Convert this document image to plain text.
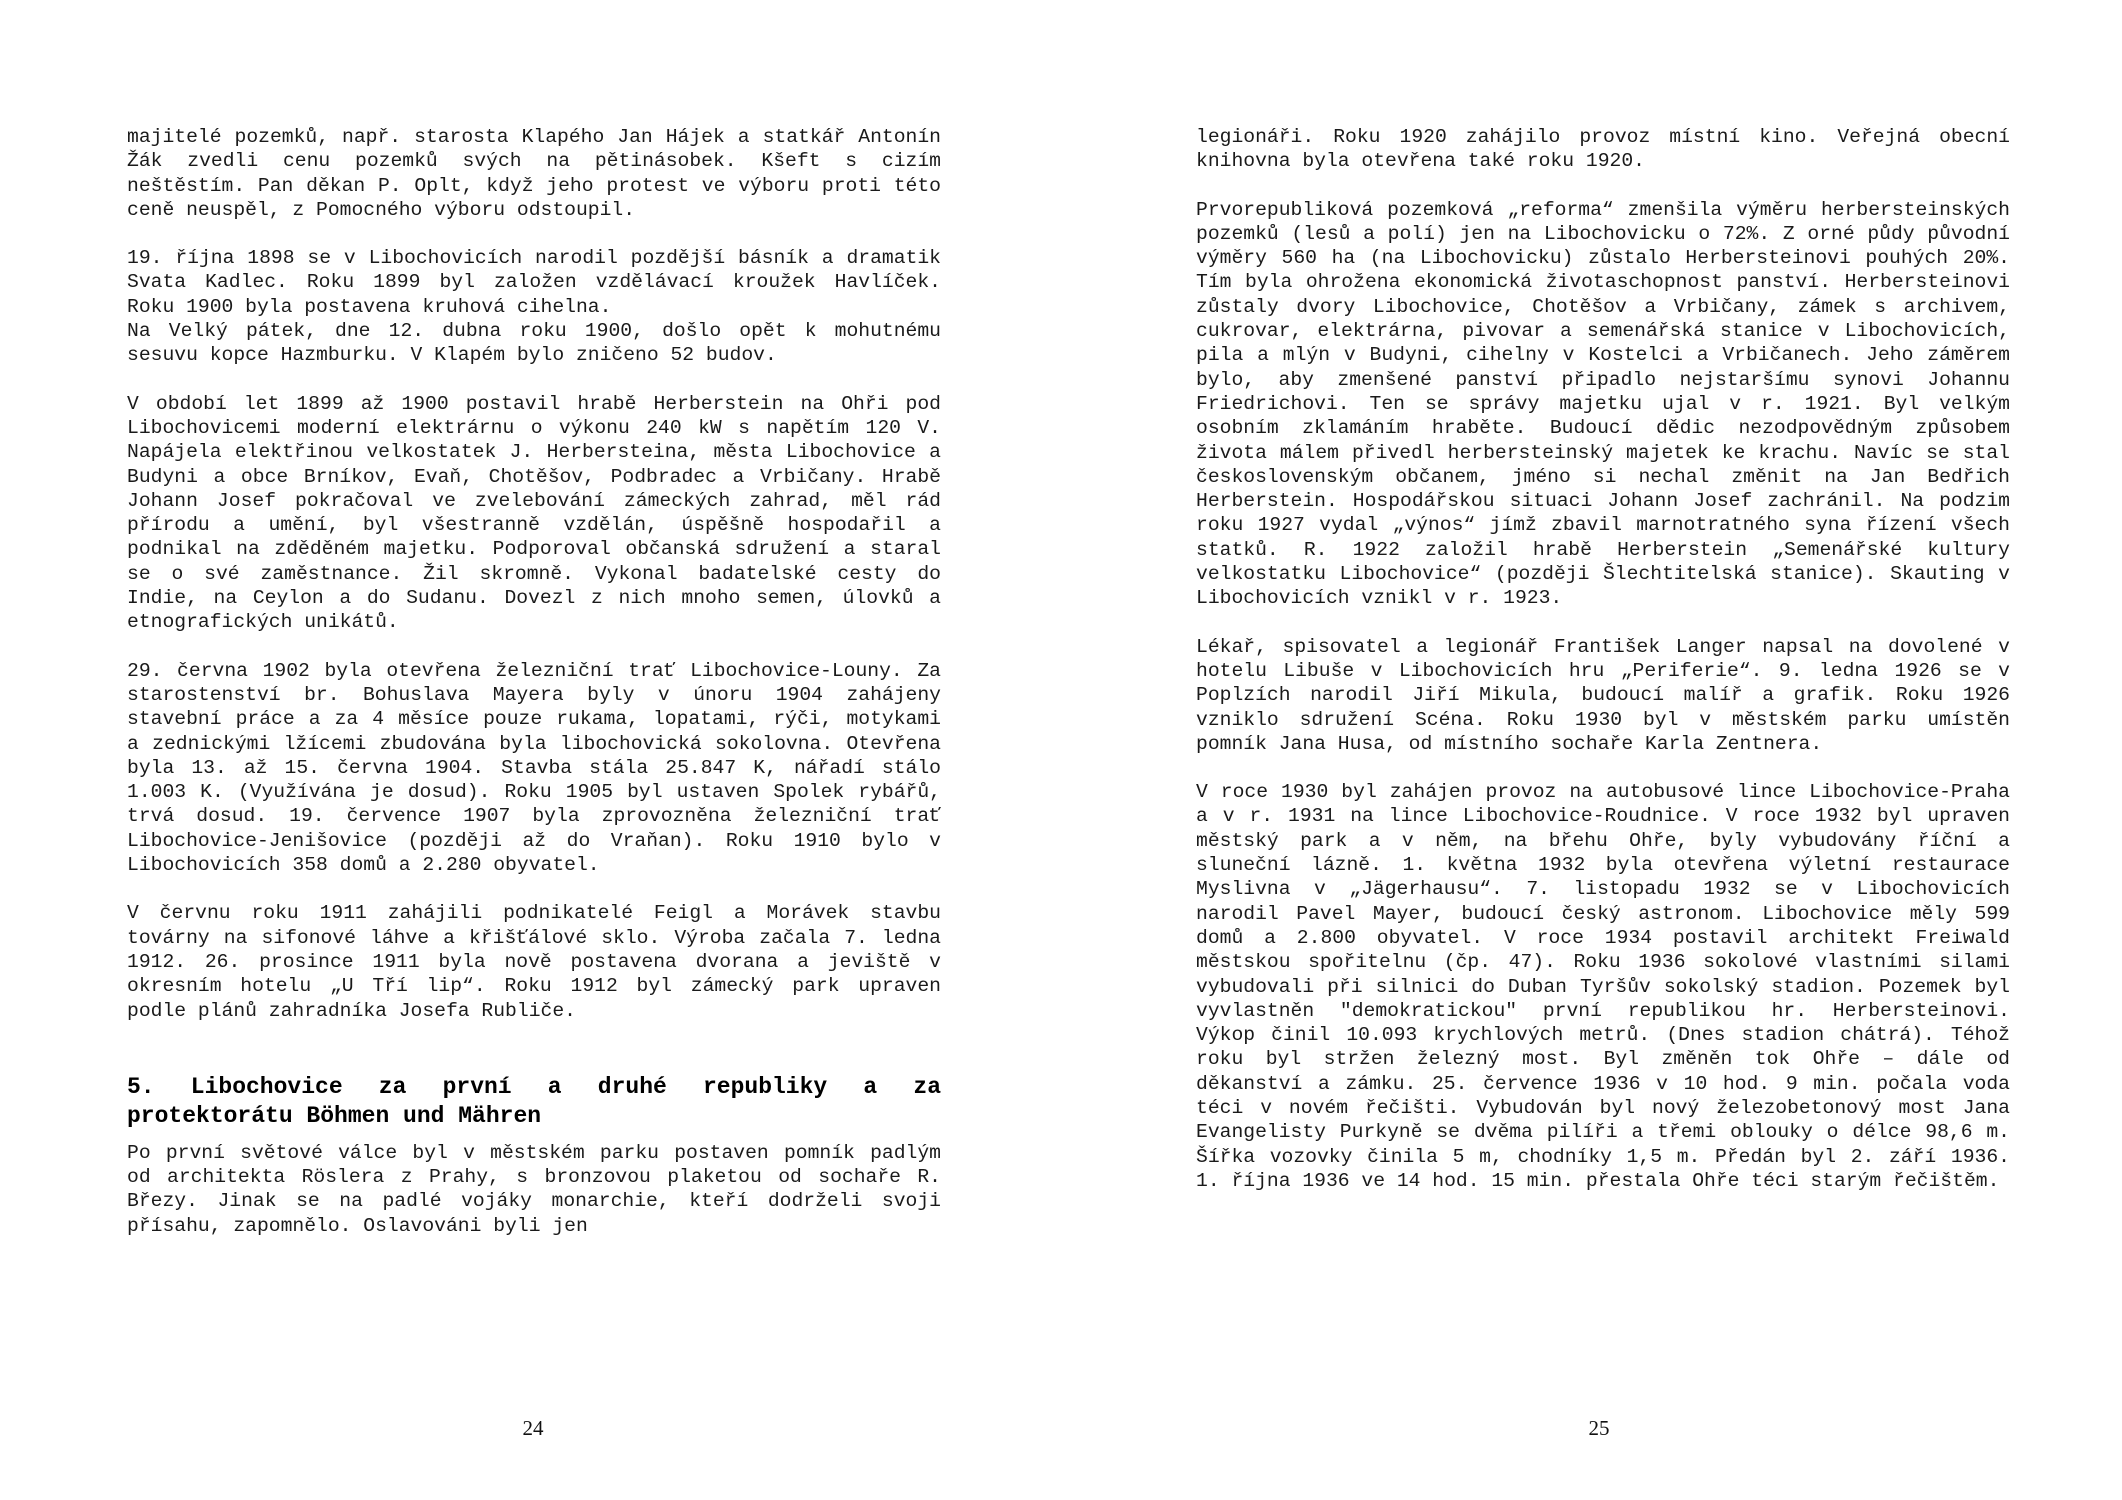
majitelé pozemků, např. starosta Klapého Jan Hájek a statkář Antonín Žák zvedli cenu pozemků svých na pětinásobek. Kšeft s cizím neštěstím. Pan děkan P. Oplt, když jeho protest ve výboru proti této ceně neuspěl, z Pomocného výboru odstoupil.

19. října 1898 se v Libochovicích narodil pozdější básník a dramatik Svata Kadlec. Roku 1899 byl založen vzdělávací kroužek Havlíček. Roku 1900 byla postavena kruhová cihelna.

Na Velký pátek, dne 12. dubna roku 1900, došlo opět k mohutnému sesuvu kopce Hazmburku. V Klapém bylo zničeno 52 budov.

V období let 1899 až 1900 postavil hrabě Herberstein na Ohři pod Libochovicemi moderní elektrárnu o výkonu 240 kW s napětím 120 V. Napájela elektřinou velkostatek J. Herbersteina, města Libochovice a Budyni a obce Brníkov, Evaň, Chotěšov, Podbradec a Vrbičany. Hrabě Johann Josef pokračoval ve zvelebování zámeckých zahrad, měl rád přírodu a umění, byl všestranně vzdělán, úspěšně hospodařil a podnikal na zděděném majetku. Podporoval občanská sdružení a staral se o své zaměstnance. Žil skromně. Vykonal badatelské cesty do Indie, na Ceylon a do Sudanu. Dovezl z nich mnoho semen, úlovků a etnografických unikátů.

29. června 1902 byla otevřena železniční trať Libochovice-Louny. Za starostenství br. Bohuslava Mayera byly v únoru 1904 zahájeny stavební práce a za 4 měsíce pouze rukama, lopatami, rýči, motykami a zednickými lžícemi zbudována byla libochovická sokolovna. Otevřena byla 13. až 15. června 1904. Stavba stála 25.847 K, nářadí stálo 1.003 K. (Využívána je dosud). Roku 1905 byl ustaven Spolek rybářů, trvá dosud. 19. července 1907 byla zprovozněna železniční trať Libochovice-Jenišovice (později až do Vraňan). Roku 1910 bylo v Libochovicích 358 domů a 2.280 obyvatel.

V červnu roku 1911 zahájili podnikatelé Feigl a Morávek stavbu továrny na sifonové láhve a křišťálové sklo. Výroba začala 7. ledna 1912. 26. prosince 1911 byla nově postavena dvorana a jeviště v okresním hotelu „U Tří lip“. Roku 1912 byl zámecký park upraven podle plánů zahradníka Josefa Rubliče.

5. Libochovice za první a druhé republiky a za protektorátu Böhmen und Mähren

Po první světové válce byl v městském parku postaven pomník padlým od architekta Röslera z Prahy, s bronzovou plaketou od sochaře R. Březy. Jinak se na padlé vojáky monarchie, kteří dodrželi svoji přísahu, zapomnělo. Oslavováni byli jen

24

legionáři. Roku 1920 zahájilo provoz místní kino. Veřejná obecní knihovna byla otevřena také roku 1920.

Prvorepubliková pozemková „reforma“ zmenšila výměru herbersteinských pozemků (lesů a polí) jen na Libochovicku o 72%. Z orné půdy původní výměry 560 ha (na Libochovicku) zůstalo Herbersteinovi pouhých 20%. Tím byla ohrožena ekonomická životaschopnost panství. Herbersteinovi zůstaly dvory Libochovice, Chotěšov a Vrbičany, zámek s archivem, cukrovar, elektrárna, pivovar a semenářská stanice v Libochovicích, pila a mlýn v Budyni, cihelny v Kostelci a Vrbičanech. Jeho záměrem bylo, aby zmenšené panství připadlo nejstaršímu synovi Johannu Friedrichovi. Ten se správy majetku ujal v r. 1921. Byl velkým osobním zklamáním hraběte. Budoucí dědic nezodpovědným způsobem života málem přivedl herbersteinský majetek ke krachu. Navíc se stal československým občanem, jméno si nechal změnit na Jan Bedřich Herberstein. Hospodářskou situaci Johann Josef zachránil. Na podzim roku 1927 vydal „výnos“ jímž zbavil marnotratného syna řízení všech statků. R. 1922 založil hrabě Herberstein „Semenářské kultury velkostatku Libochovice“ (později Šlechtitelská stanice). Skauting v Libochovicích vznikl v r. 1923.

Lékař, spisovatel a legionář František Langer napsal na dovolené v hotelu Libuše v Libochovicích hru „Periferie“. 9. ledna 1926 se v Poplzích narodil Jiří Mikula, budoucí malíř a grafik. Roku 1926 vzniklo sdružení Scéna. Roku 1930 byl v městském parku umístěn pomník Jana Husa, od místního sochaře Karla Zentnera.

V roce 1930 byl zahájen provoz na autobusové lince Libochovice-Praha a v r. 1931 na lince Libochovice-Roudnice. V roce 1932 byl upraven městský park a v něm, na břehu Ohře, byly vybudovány říční a sluneční lázně. 1. května 1932 byla otevřena výletní restaurace Myslivna v „Jägerhausu“. 7. listopadu 1932 se v Libochovicích narodil Pavel Mayer, budoucí český astronom. Libochovice měly 599 domů a 2.800 obyvatel. V roce 1934 postavil architekt Freiwald městskou spořitelnu (čp. 47). Roku 1936 sokolové vlastními silami vybudovali při silnici do Duban Tyršův sokolský stadion. Pozemek byl vyvlastněn "demokratickou" první republikou hr. Herbersteinovi. Výkop činil 10.093 krychlových metrů. (Dnes stadion chátrá). Téhož roku byl stržen železný most. Byl změněn tok Ohře – dále od děkanství a zámku. 25. července 1936 v 10 hod. 9 min. počala voda téci v novém řečišti. Vybudován byl nový železobetonový most Jana Evangelisty Purkyně se dvěma pilíři a třemi oblouky o délce 98,6 m. Šířka vozovky činila 5 m, chodníky 1,5 m. Předán byl 2. září 1936. 1. října 1936 ve 14 hod. 15 min. přestala Ohře téci starým řečištěm.

25
